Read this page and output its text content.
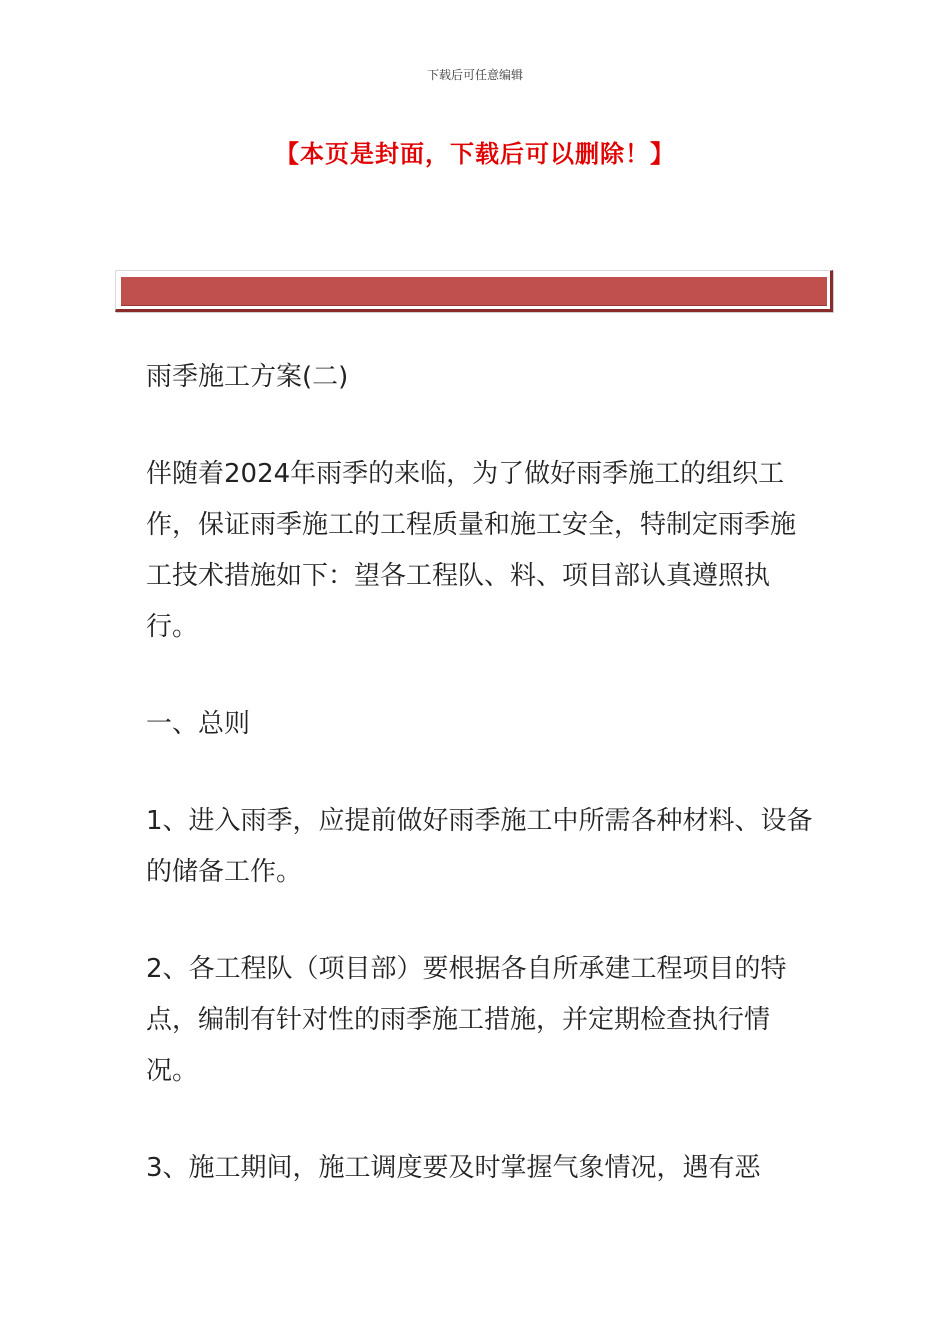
下载后可任意编辑
【本页是封面，下载后可以删除！】

雨季施工方案(二)

伴随着2024年雨季的来临，为了做好雨季施工的组织工作，保证雨季施工的工程质量和施工安全，特制定雨季施工技术措施如下：望各工程队、料、项目部认真遵照执行。

一、总则

1、进入雨季，应提前做好雨季施工中所需各种材料、设备的储备工作。

2、各工程队（项目部）要根据各自所承建工程项目的特点，编制有针对性的雨季施工措施，并定期检查执行情况。

3、施工期间，施工调度要及时掌握气象情况，遇有恶
